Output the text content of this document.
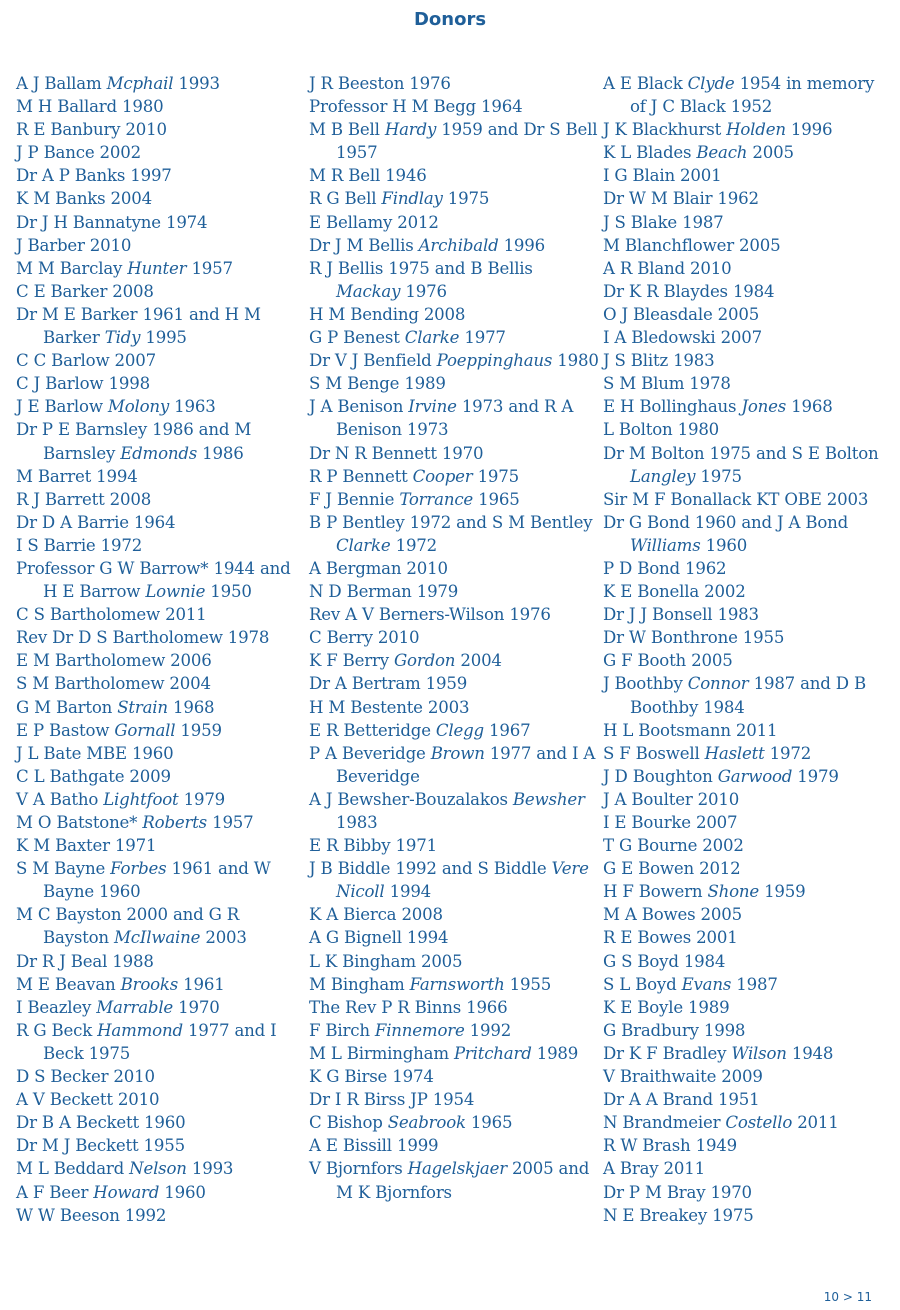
Donors

A J Ballam Mcphail 1993

M H Ballard 1980

R E Banbury 2010

J P Bance 2002

Dr A P Banks 1997

K M Banks 2004

Dr J H Bannatyne 1974

J Barber 2010

M M Barclay Hunter 1957

C E Barker 2008

Dr M E Barker 1961 and H M Barker Tidy 1995

C C Barlow 2007

C J Barlow 1998

J E Barlow Molony 1963

Dr P E Barnsley 1986 and M Barnsley Edmonds 1986

M Barret 1994

R J Barrett 2008

Dr D A Barrie 1964

I S Barrie 1972

Professor G W Barrow* 1944 and H E Barrow Lownie 1950

C S Bartholomew 2011

Rev Dr D S Bartholomew 1978

E M Bartholomew 2006

S M Bartholomew 2004

G M Barton Strain 1968

E P Bastow Gornall 1959

J L Bate MBE 1960

C L Bathgate 2009

V A Batho Lightfoot 1979

M O Batstone* Roberts 1957

K M Baxter 1971

S M Bayne Forbes 1961 and W Bayne 1960

M C Bayston 2000 and G R Bayston McIlwaine 2003

Dr R J Beal 1988

M E Beavan Brooks 1961

I Beazley Marrable 1970

R G Beck Hammond 1977 and I Beck 1975

D S Becker 2010

A V Beckett 2010

Dr B A Beckett 1960

Dr M J Beckett 1955

M L Beddard Nelson 1993

A F Beer Howard 1960

W W Beeson 1992

J R Beeston 1976

Professor H M Begg 1964

M B Bell Hardy 1959 and Dr S Bell 1957

M R Bell 1946

R G Bell Findlay 1975

E Bellamy 2012

Dr J M Bellis Archibald 1996

R J Bellis 1975 and B Bellis Mackay 1976

H M Bending 2008

G P Benest Clarke 1977

Dr V J Benfield Poeppinghaus 1980

S M Benge 1989

J A Benison Irvine 1973 and R A Benison 1973

Dr N R Bennett 1970

R P Bennett Cooper 1975

F J Bennie Torrance 1965

B P Bentley 1972 and S M Bentley Clarke 1972

A Bergman 2010

N D Berman 1979

Rev A V Berners-Wilson 1976

C Berry 2010

K F Berry Gordon 2004

Dr A Bertram 1959

H M Bestente 2003

E R Betteridge Clegg 1967

P A Beveridge Brown 1977 and I A Beveridge

A J Bewsher-Bouzalakos Bewsher 1983

E R Bibby 1971

J B Biddle 1992 and S Biddle Vere Nicoll 1994

K A Bierca 2008

A G Bignell 1994

L K Bingham 2005

M Bingham Farnsworth 1955

The Rev P R Binns 1966

F Birch Finnemore 1992

M L Birmingham Pritchard 1989

K G Birse 1974

Dr I R Birss JP 1954

C Bishop Seabrook 1965

A E Bissill 1999

V Bjornfors Hagelskjaer 2005 and M K Bjornfors

A E Black Clyde 1954 in memory of J C Black 1952

J K Blackhurst Holden 1996

K L Blades Beach 2005

I G Blain 2001

Dr W M Blair 1962

J S Blake 1987

M Blanchflower 2005

A R Bland 2010

Dr K R Blaydes 1984

O J Bleasdale 2005

I A Bledowski 2007

J S Blitz 1983

S M Blum 1978

E H Bollinghaus Jones 1968

L Bolton 1980

Dr M Bolton 1975 and S E Bolton Langley 1975

Sir M F Bonallack KT OBE 2003

Dr G Bond 1960 and J A Bond Williams 1960

P D Bond 1962

K E Bonella 2002

Dr J J Bonsell 1983

Dr W Bonthrone 1955

G F Booth 2005

J Boothby Connor 1987 and D B Boothby 1984

H L Bootsmann 2011

S F Boswell Haslett 1972

J D Boughton Garwood 1979

J A Boulter 2010

I E Bourke 2007

T G Bourne 2002

G E Bowen 2012

H F Bowern Shone 1959

M A Bowes 2005

R E Bowes 2001

G S Boyd 1984

S L Boyd Evans 1987

K E Boyle 1989

G Bradbury 1998

Dr K F Bradley Wilson 1948

V Braithwaite 2009

Dr A A Brand 1951

N Brandmeier Costello 2011

R W Brash 1949

A Bray 2011

Dr P M Bray 1970

N E Breakey 1975

10 > 11
